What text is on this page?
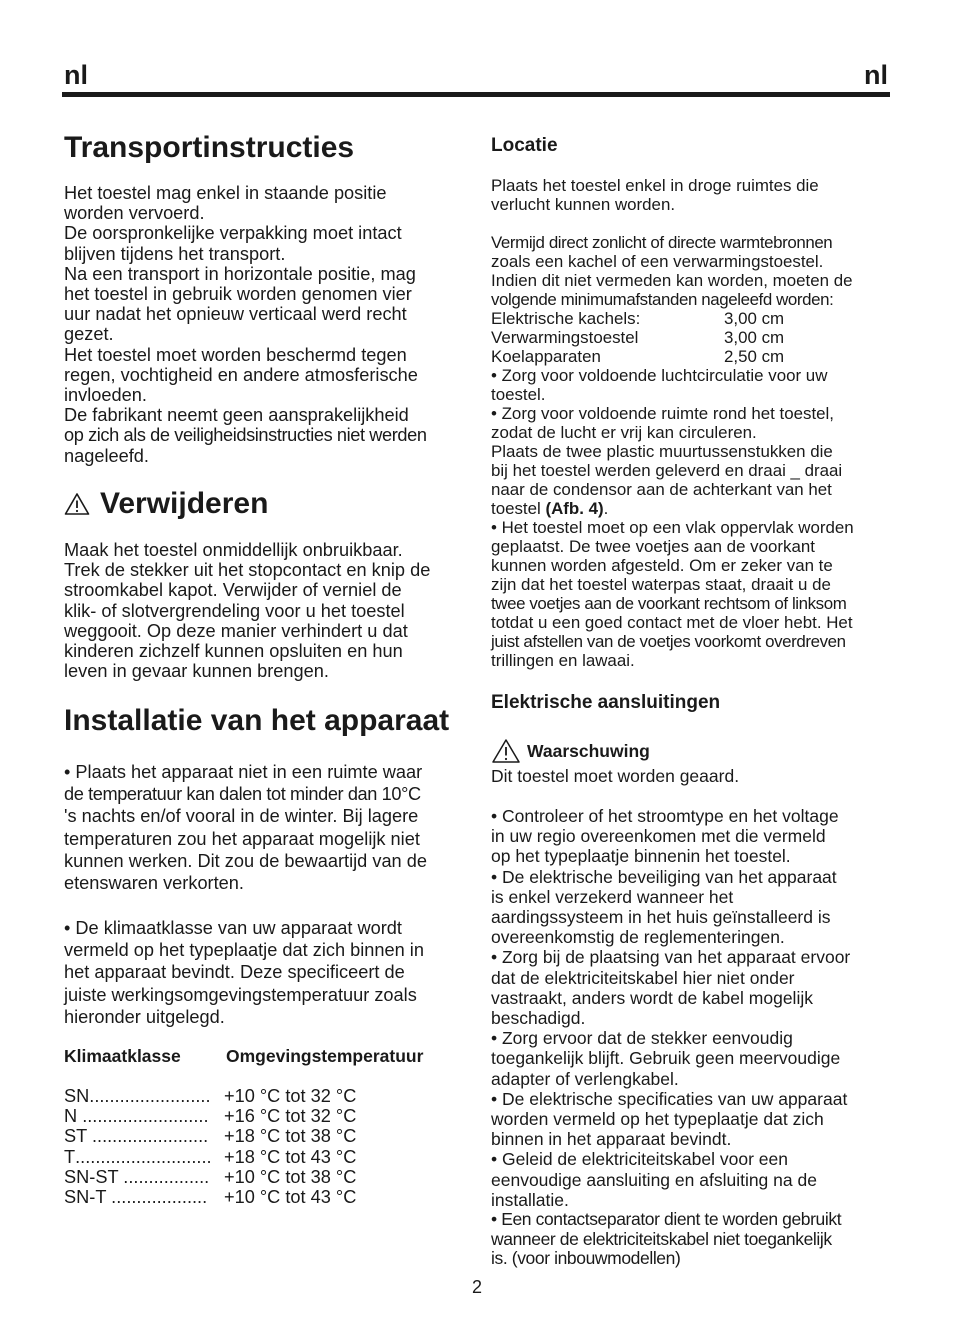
nl	nl
Transportinstructies
Het toestel mag enkel in staande positie
worden vervoerd.
De oorspronkelijke verpakking moet intact
blijven tijdens het transport.
Na een transport in horizontale positie, mag
het toestel in gebruik worden genomen vier
uur nadat het opnieuw verticaal werd recht
gezet.
Het toestel moet worden beschermd tegen
regen, vochtigheid en andere atmosferische
invloeden.
De fabrikant neemt geen aansprakelijkheid
op zich als de veiligheidsinstructies niet werden
nageleefd.
Verwijderen
Maak het toestel onmiddellijk onbruikbaar.
Trek de stekker uit het stopcontact en knip de
stroomkabel kapot. Verwijder of verniel de
klik- of slotvergrendeling voor u het toestel
weggooit. Op deze manier verhindert u dat
kinderen zichzelf kunnen opsluiten en hun
leven in gevaar kunnen brengen.
Installatie van het apparaat
• Plaats het apparaat niet in een ruimte waar
de temperatuur kan dalen tot minder dan 10°C
's nachts en/of vooral in de winter. Bij lagere
temperaturen zou het apparaat mogelijk niet
kunnen werken. Dit zou de bewaartijd van de
etenswaren verkorten.
• De klimaatklasse van uw apparaat wordt
vermeld op het typeplaatje dat zich binnen in
het apparaat bevindt. Deze specificeert de
juiste werkingsomgevingstemperatuur zoals
hieronder uitgelegd.
Klimaatklasse	Omgevingstemperatuur
SN ........................ +10 °C tot 32 °C
N ......................... +16 °C tot 32 °C
ST ....................... +18 °C tot 38 °C
T ........................... +18 °C tot 43 °C
SN-ST ................. +10 °C tot 38 °C
SN-T ................... +10 °C tot 43 °C
Locatie
Plaats het toestel enkel in droge ruimtes die
verlucht kunnen worden.
Vermijd direct zonlicht of directe warmtebronnen
zoals een kachel of een verwarmingstoestel.
Indien dit niet vermeden kan worden, moeten de
volgende minimumafstanden nageleefd worden:
Elektrische kachels:	3,00 cm
Verwarmingstoestel	3,00 cm
Koelapparaten	2,50 cm
• Zorg voor voldoende luchtcirculatie voor uw
toestel.
• Zorg voor voldoende ruimte rond het toestel,
zodat de lucht er vrij kan circuleren.
Plaats de twee plastic muurtussenstukken die
bij het toestel werden geleverd en draai _ draai
naar de condensor aan de achterkant van het
toestel (Afb. 4).
• Het toestel moet op een vlak oppervlak worden
geplaatst. De twee voetjes aan de voorkant
kunnen worden afgesteld. Om er zeker van te
zijn dat het toestel waterpas staat, draait u de
twee voetjes aan de voorkant rechtsom of linksom
totdat u een goed contact met de vloer hebt. Het
juist afstellen van de voetjes voorkomt overdreven
trillingen en lawaai.
Elektrische aansluitingen
Waarschuwing
Dit toestel moet worden geaard.
• Controleer of het stroomtype en het voltage
in uw regio overeenkomen met die vermeld
op het typeplaatje binnenin het toestel.
• De elektrische beveiliging van het apparaat
is enkel verzekerd wanneer het
aardingssysteem in het huis geïnstalleerd is
overeenkomstig de reglementeringen.
• Zorg bij de plaatsing van het apparaat ervoor
dat de elektriciteitskabel hier niet onder
vastraakt, anders wordt de kabel mogelijk
beschadigd.
• Zorg ervoor dat de stekker eenvoudig
toegankelijk blijft. Gebruik geen meervoudige
adapter of verlengkabel.
• De elektrische specificaties van uw apparaat
worden vermeld op het typeplaatje dat zich
binnen in het apparaat bevindt.
• Geleid de elektriciteitskabel voor een
eenvoudige aansluiting en afsluiting na de
installatie.
• Een contactseparator dient te worden gebruikt
wanneer de elektriciteitskabel niet toegankelijk
is. (voor inbouwmodellen)
2
